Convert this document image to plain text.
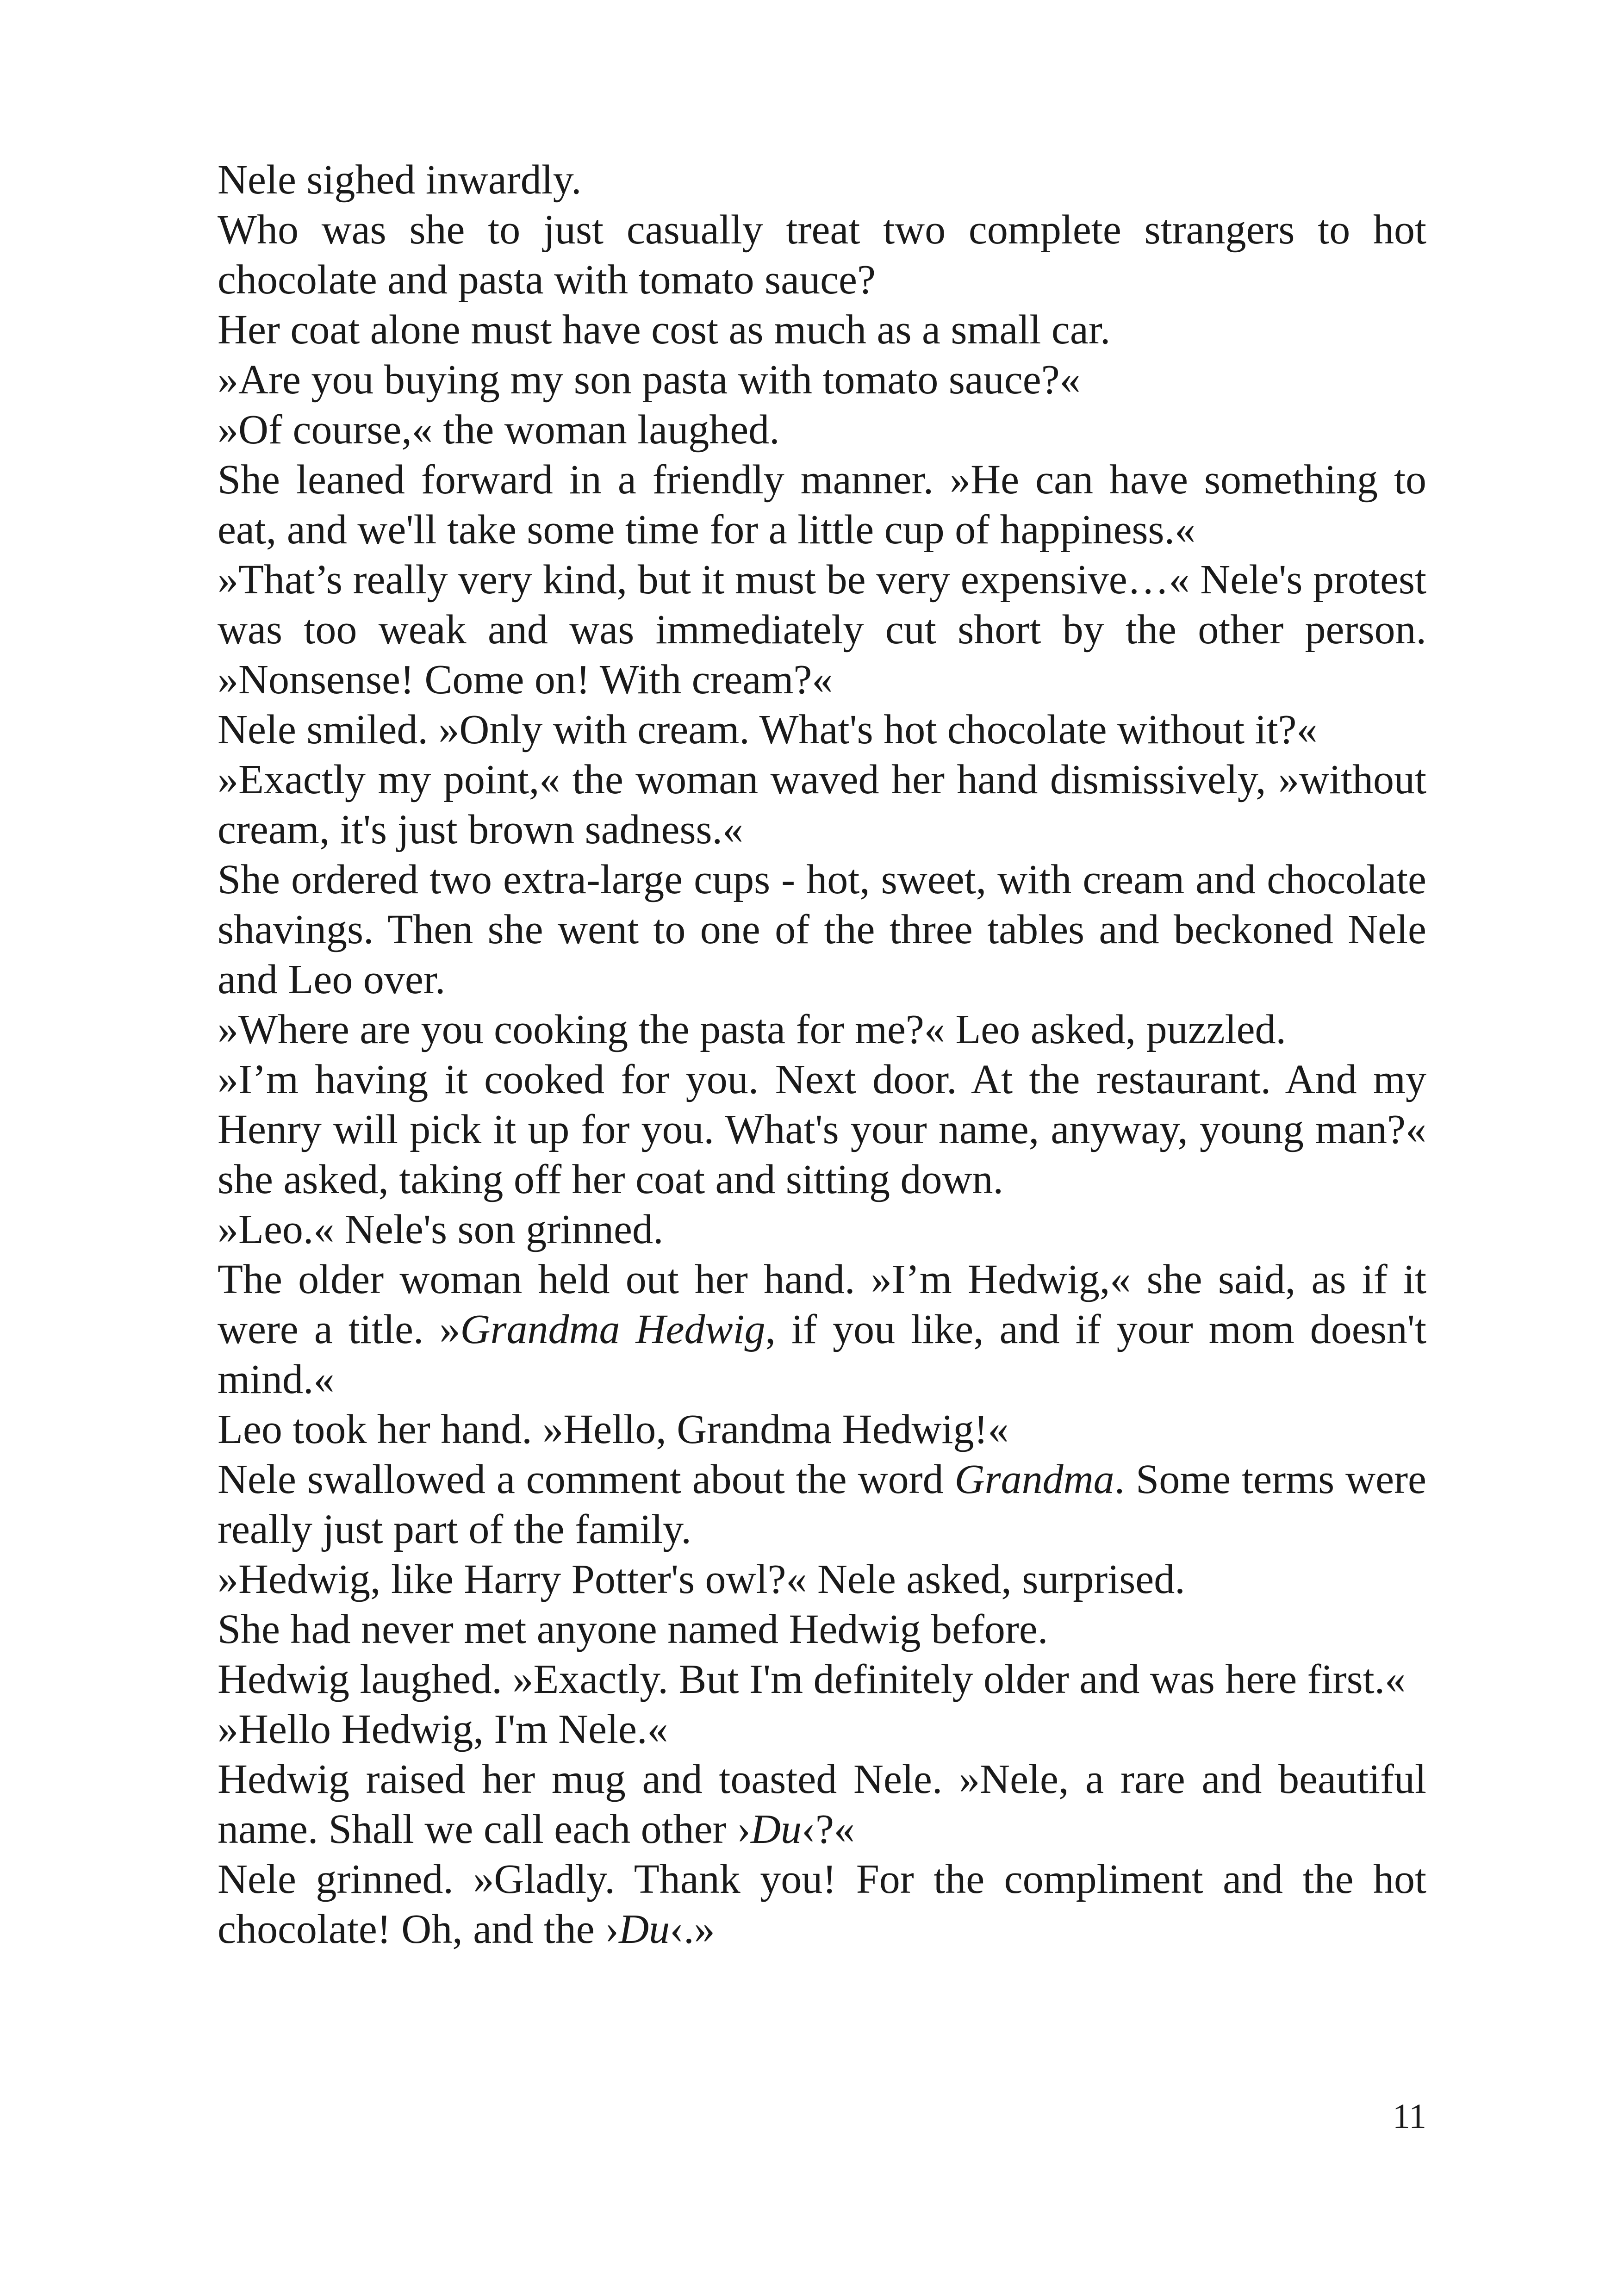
Nele sighed inwardly.

Who was she to just casually treat two complete strangers to hot chocolate and pasta with tomato sauce?

Her coat alone must have cost as much as a small car.

»Are you buying my son pasta with tomato sauce?«

»Of course,« the woman laughed.

She leaned forward in a friendly manner. »He can have something to eat, and we'll take some time for a little cup of happiness.«

»That’s really very kind, but it must be very expensive…« Nele's protest was too weak and was immediately cut short by the other person. »Nonsense! Come on! With cream?«

Nele smiled. »Only with cream. What's hot chocolate without it?«

»Exactly my point,« the woman waved her hand dismissively, »without cream, it's just brown sadness.«

She ordered two extra-large cups - hot, sweet, with cream and chocolate shavings. Then she went to one of the three tables and beckoned Nele and Leo over.

»Where are you cooking the pasta for me?« Leo asked, puzzled.

»I’m having it cooked for you. Next door. At the restaurant. And my Henry will pick it up for you. What's your name, anyway, young man?« she asked, taking off her coat and sitting down.

»Leo.« Nele's son grinned.

The older woman held out her hand. »I’m Hedwig,« she said, as if it were a title. »Grandma Hedwig, if you like, and if your mom doesn't mind.«

Leo took her hand. »Hello, Grandma Hedwig!«

Nele swallowed a comment about the word Grandma. Some terms were really just part of the family.

»Hedwig, like Harry Potter's owl?« Nele asked, surprised.

She had never met anyone named Hedwig before.

Hedwig laughed. »Exactly. But I'm definitely older and was here first.«

»Hello Hedwig, I'm Nele.«

Hedwig raised her mug and toasted Nele. »Nele, a rare and beautiful name. Shall we call each other ›Du‹?«

Nele grinned. »Gladly. Thank you! For the compliment and the hot chocolate! Oh, and the ›Du‹.»

11
